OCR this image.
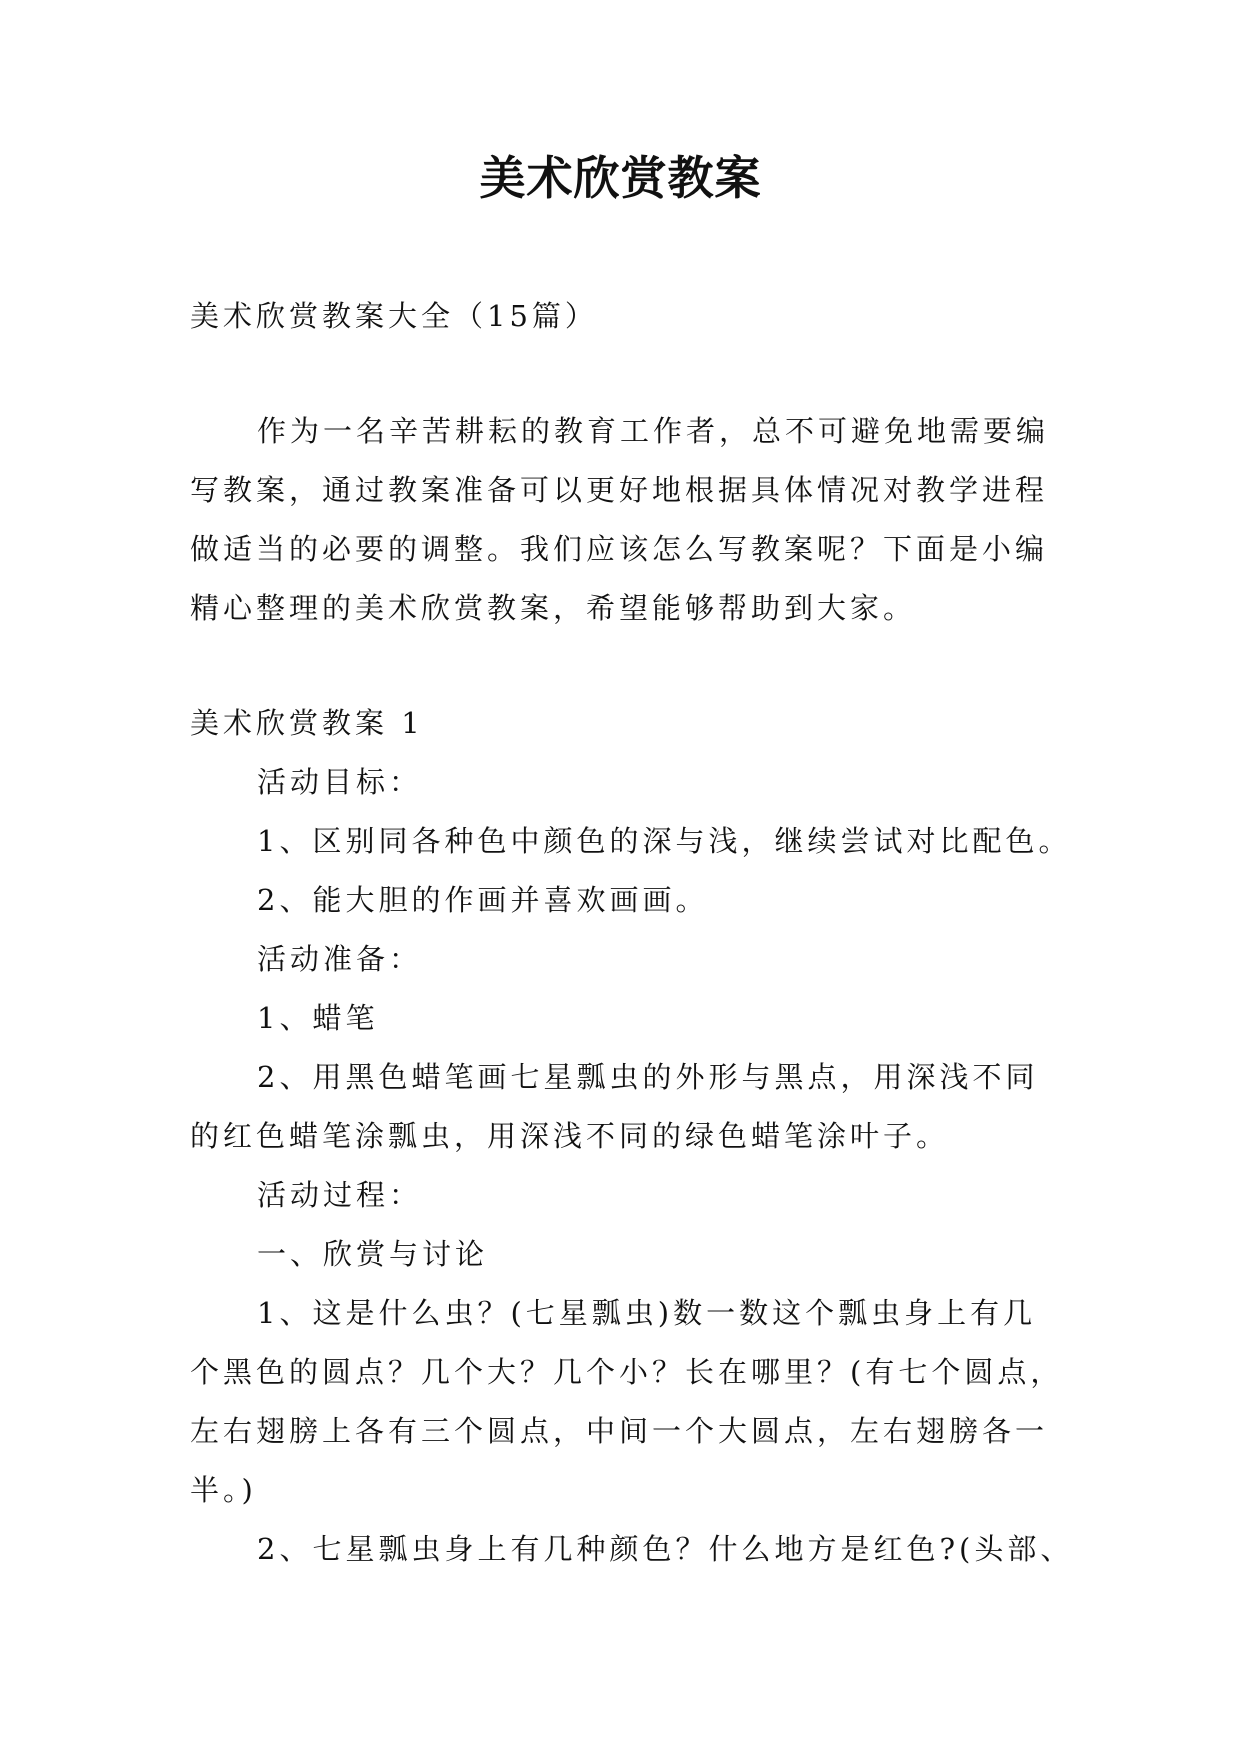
美术欣赏教案

美术欣赏教案大全（15篇）

作为一名辛苦耕耘的教育工作者，总不可避免地需要编

写教案，通过教案准备可以更好地根据具体情况对教学进程

做适当的必要的调整。我们应该怎么写教案呢？下面是小编

精心整理的美术欣赏教案，希望能够帮助到大家。

美术欣赏教案 1

活动目标：

1、区别同各种色中颜色的深与浅，继续尝试对比配色。

2、能大胆的作画并喜欢画画。

活动准备：

1、蜡笔

2、用黑色蜡笔画七星瓢虫的外形与黑点，用深浅不同

的红色蜡笔涂瓢虫，用深浅不同的绿色蜡笔涂叶子。

活动过程：

一、欣赏与讨论

1、这是什么虫？(七星瓢虫)数一数这个瓢虫身上有几

个黑色的圆点？几个大？几个小？长在哪里？(有七个圆点，

左右翅膀上各有三个圆点，中间一个大圆点，左右翅膀各一

半。)

2、七星瓢虫身上有几种颜色？什么地方是红色?(头部、
